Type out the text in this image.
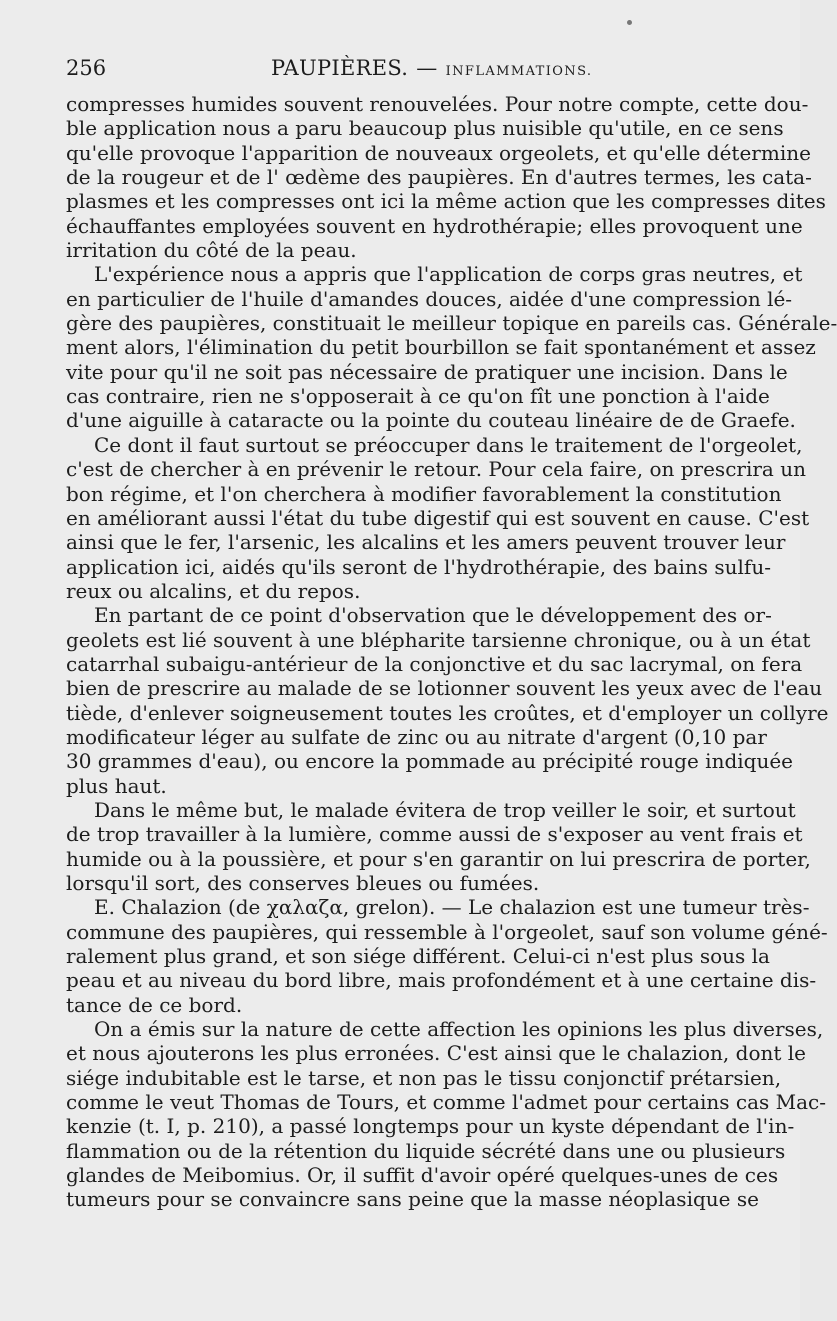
256	PAUPIÈRES. — INFLAMMATIONS.
compresses humides souvent renouvelées. Pour notre compte, cette dou-
ble application nous a paru beaucoup plus nuisible qu'utile, en ce sens
qu'elle provoque l'apparition de nouveaux orgeolets, et qu'elle détermine
de la rougeur et de l' œdème des paupières. En d'autres termes, les cata-
plasmes et les compresses ont ici la même action que les compresses dites
échauffantes employées souvent en hydrothérapie; elles provoquent une
irritation du côté de la peau.
L'expérience nous a appris que l'application de corps gras neutres, et
en particulier de l'huile d'amandes douces, aidée d'une compression lé-
gère des paupières, constituait le meilleur topique en pareils cas. Générale-
ment alors, l'élimination du petit bourbillon se fait spontanément et assez
vite pour qu'il ne soit pas nécessaire de pratiquer une incision. Dans le
cas contraire, rien ne s'opposerait à ce qu'on fît une ponction à l'aide
d'une aiguille à cataracte ou la pointe du couteau linéaire de de Graefe.
Ce dont il faut surtout se préoccuper dans le traitement de l'orgeolet,
c'est de chercher à en prévenir le retour. Pour cela faire, on prescrira un
bon régime, et l'on cherchera à modifier favorablement la constitution
en améliorant aussi l'état du tube digestif qui est souvent en cause. C'est
ainsi que le fer, l'arsenic, les alcalins et les amers peuvent trouver leur
application ici, aidés qu'ils seront de l'hydrothérapie, des bains sulfu-
reux ou alcalins, et du repos.
En partant de ce point d'observation que le développement des or-
geolets est lié souvent à une blépharite tarsienne chronique, ou à un état
catarrhal subaigu-antérieur de la conjonctive et du sac lacrymal, on fera
bien de prescrire au malade de se lotionner souvent les yeux avec de l'eau
tiède, d'enlever soigneusement toutes les croûtes, et d'employer un collyre
modificateur léger au sulfate de zinc ou au nitrate d'argent (0,10 par
30 grammes d'eau), ou encore la pommade au précipité rouge indiquée
plus haut.
Dans le même but, le malade évitera de trop veiller le soir, et surtout
de trop travailler à la lumière, comme aussi de s'exposer au vent frais et
humide ou à la poussière, et pour s'en garantir on lui prescrira de porter,
lorsqu'il sort, des conserves bleues ou fumées.
E. Chalazion (de χαλαζα, grelon). — Le chalazion est une tumeur très-
commune des paupières, qui ressemble à l'orgeolet, sauf son volume géné-
ralement plus grand, et son siége différent. Celui-ci n'est plus sous la
peau et au niveau du bord libre, mais profondément et à une certaine dis-
tance de ce bord.
On a émis sur la nature de cette affection les opinions les plus diverses,
et nous ajouterons les plus erronées. C'est ainsi que le chalazion, dont le
siége indubitable est le tarse, et non pas le tissu conjonctif prétarsien,
comme le veut Thomas de Tours, et comme l'admet pour certains cas Mac-
kenzie (t. I, p. 210), a passé longtemps pour un kyste dépendant de l'in-
flammation ou de la rétention du liquide sécrété dans une ou plusieurs
glandes de Meibomius. Or, il suffit d'avoir opéré quelques-unes de ces
tumeurs pour se convaincre sans peine que la masse néoplasique se
